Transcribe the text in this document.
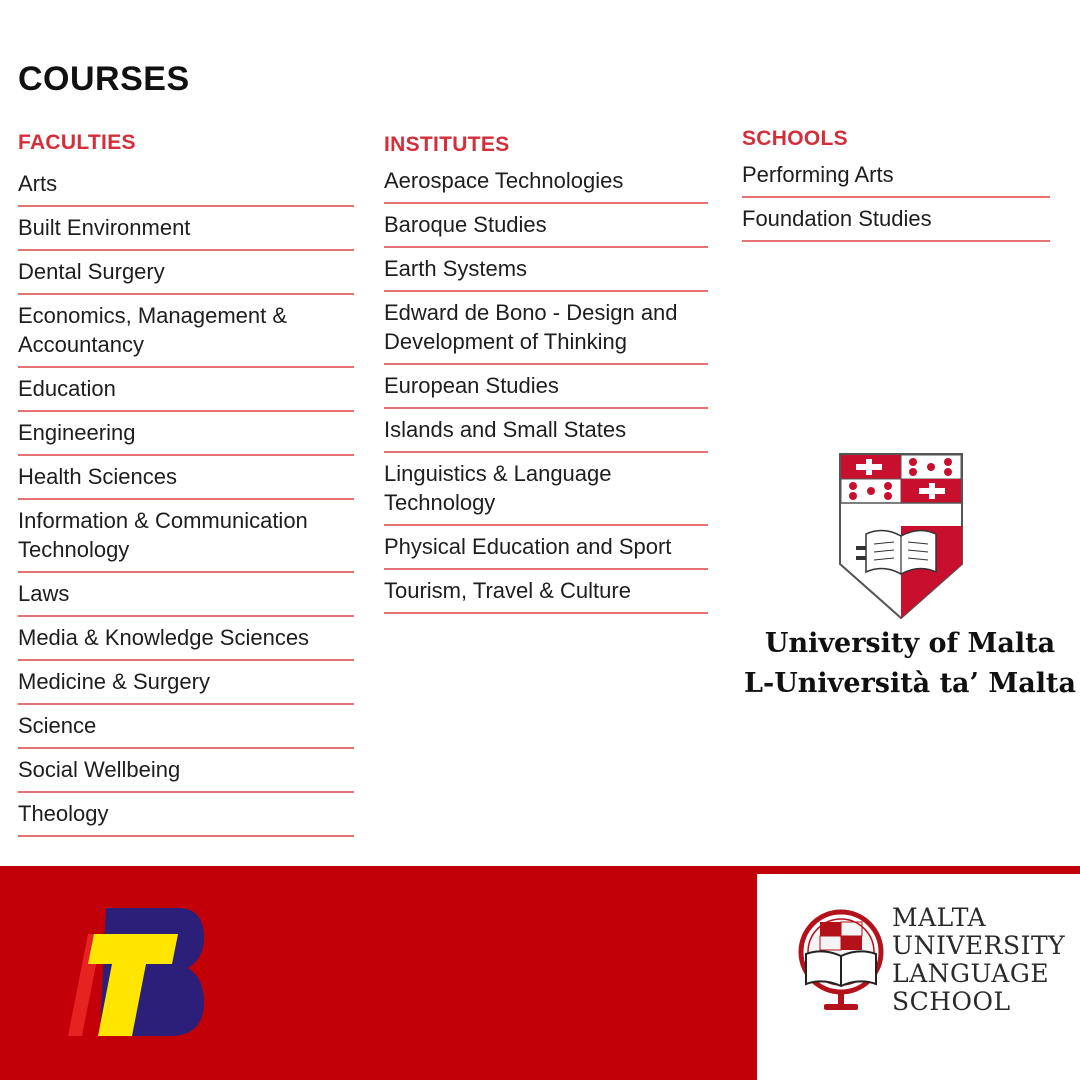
COURSES
FACULTIES
Arts
Built Environment
Dental Surgery
Economics, Management & Accountancy
Education
Engineering
Health Sciences
Information & Communication Technology
Laws
Media & Knowledge Sciences
Medicine & Surgery
Science
Social Wellbeing
Theology
INSTITUTES
Aerospace Technologies
Baroque Studies
Earth Systems
Edward de Bono - Design and Development of Thinking
European Studies
Islands and Small States
Linguistics & Language Technology
Physical Education and Sport
Tourism, Travel & Culture
SCHOOLS
Performing Arts
Foundation Studies
University of Malta
L-Università ta’ Malta
MALTA
UNIVERSITY
LANGUAGE
SCHOOL
